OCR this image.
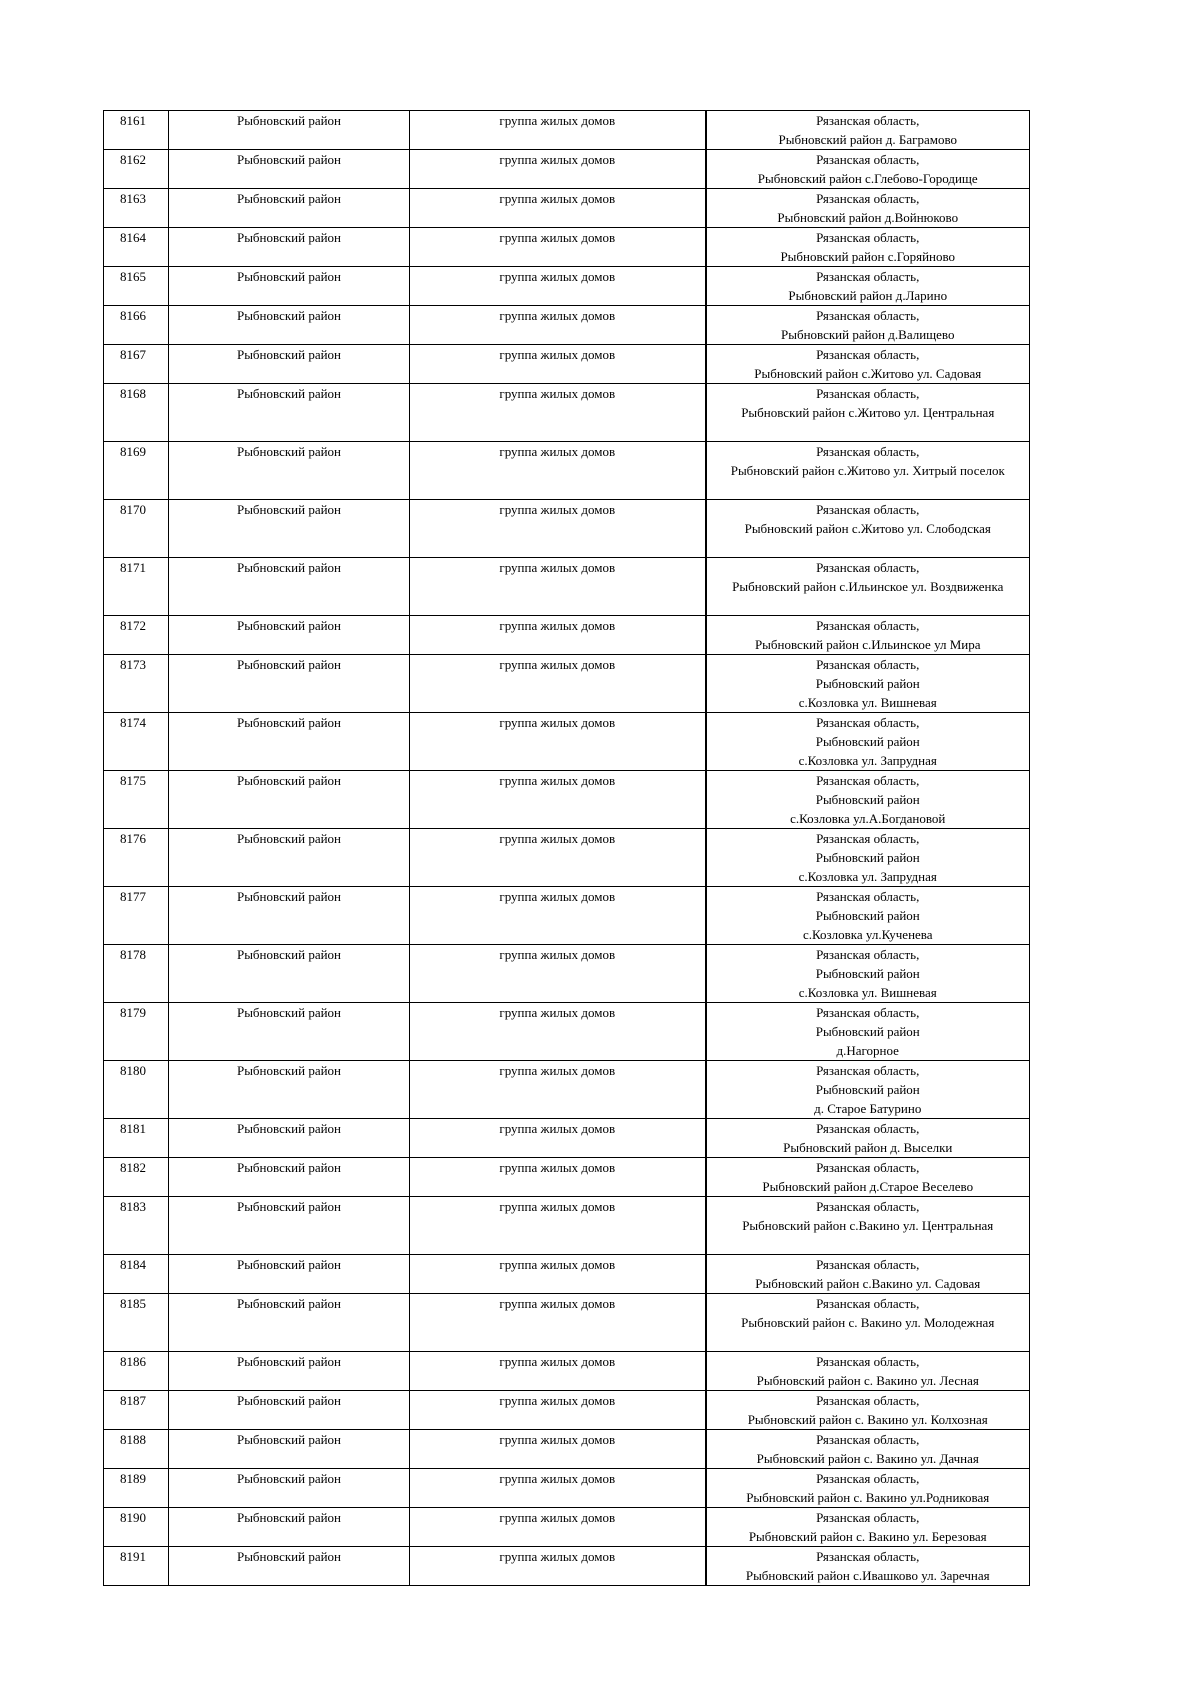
8161	Рыбновский район	группа жилых домов	Рязанская область,
Рыбновский район д. Баграмово

8162	Рыбновский район	группа жилых домов	Рязанская область,
Рыбновский район с.Глебово-Городище

8163	Рыбновский район	группа жилых домов	Рязанская область,
Рыбновский район д.Войнюково

8164	Рыбновский район	группа жилых домов	Рязанская область,
Рыбновский район с.Горяйново

8165	Рыбновский район	группа жилых домов	Рязанская область,
Рыбновский район д.Ларино

8166	Рыбновский район	группа жилых домов	Рязанская область,
Рыбновский район д.Валищево

8167	Рыбновский район	группа жилых домов	Рязанская область,
Рыбновский район с.Житово ул. Садовая

8168	Рыбновский район	группа жилых домов	Рязанская область,
Рыбновский район с.Житово ул. Центральная

8169	Рыбновский район	группа жилых домов	Рязанская область,
Рыбновский район с.Житово ул. Хитрый поселок

8170	Рыбновский район	группа жилых домов	Рязанская область,
Рыбновский район с.Житово ул. Слободская

8171	Рыбновский район	группа жилых домов	Рязанская область,
Рыбновский район с.Ильинское ул. Воздвиженка

8172	Рыбновский район	группа жилых домов	Рязанская область,
Рыбновский район с.Ильинское ул Мира

8173	Рыбновский район	группа жилых домов	Рязанская область,
Рыбновский район
с.Козловка ул. Вишневая

8174	Рыбновский район	группа жилых домов	Рязанская область,
Рыбновский район
с.Козловка ул. Запрудная

8175	Рыбновский район	группа жилых домов	Рязанская область,
Рыбновский район
с.Козловка ул.А.Богдановой

8176	Рыбновский район	группа жилых домов	Рязанская область,
Рыбновский район
с.Козловка ул. Запрудная

8177	Рыбновский район	группа жилых домов	Рязанская область,
Рыбновский район
с.Козловка ул.Кученева

8178	Рыбновский район	группа жилых домов	Рязанская область,
Рыбновский район
с.Козловка ул. Вишневая

8179	Рыбновский район	группа жилых домов	Рязанская область,
Рыбновский район
д.Нагорное

8180	Рыбновский район	группа жилых домов	Рязанская область,
Рыбновский район
д. Старое Батурино

8181	Рыбновский район	группа жилых домов	Рязанская область,
Рыбновский район д. Выселки

8182	Рыбновский район	группа жилых домов	Рязанская область,
Рыбновский район д.Старое Веселево

8183	Рыбновский район	группа жилых домов	Рязанская область,
Рыбновский район с.Вакино ул. Центральная

8184	Рыбновский район	группа жилых домов	Рязанская область,
Рыбновский район с.Вакино ул. Садовая

8185	Рыбновский район	группа жилых домов	Рязанская область,
Рыбновский район с. Вакино ул. Молодежная

8186	Рыбновский район	группа жилых домов	Рязанская область,
Рыбновский район с. Вакино ул. Лесная

8187	Рыбновский район	группа жилых домов	Рязанская область,
Рыбновский район с. Вакино ул. Колхозная

8188	Рыбновский район	группа жилых домов	Рязанская область,
Рыбновский район с. Вакино ул. Дачная

8189	Рыбновский район	группа жилых домов	Рязанская область,
Рыбновский район с. Вакино ул.Родниковая

8190	Рыбновский район	группа жилых домов	Рязанская область,
Рыбновский район с. Вакино ул. Березовая

8191	Рыбновский район	группа жилых домов	Рязанская область,
Рыбновский район с.Ивашково ул. Заречная
